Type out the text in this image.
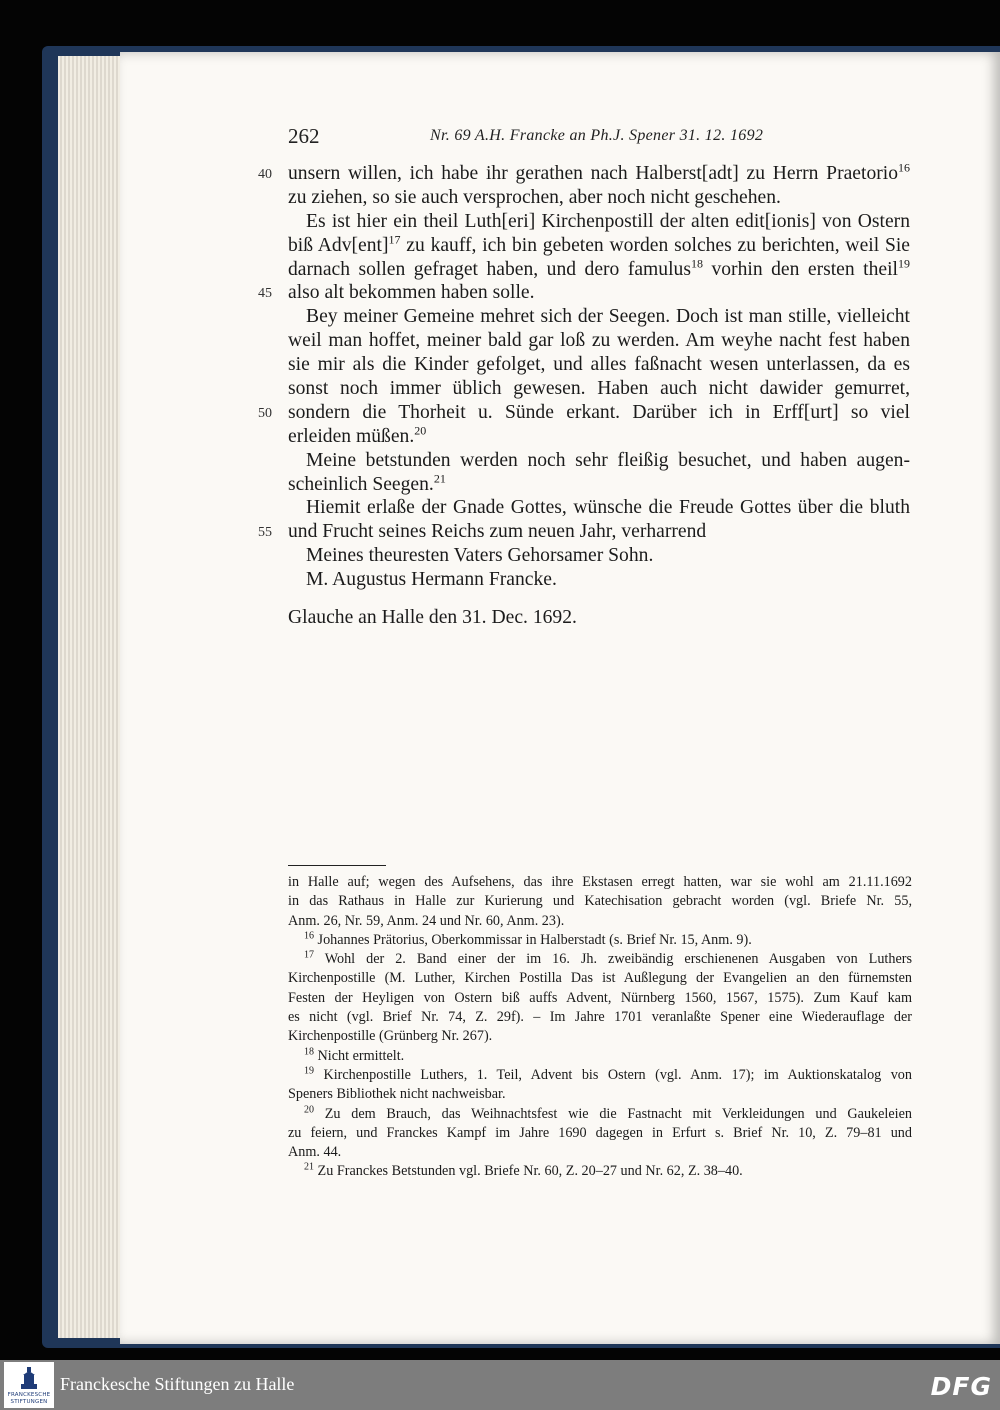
262	Nr. 69 A.H. Francke an Ph.J. Spener 31. 12. 1692
40 unsern willen, ich habe ihr gerathen nach Halberst[adt] zu Herrn Praetorio$^{16}$
zu ziehen, so sie auch versprochen, aber noch nicht geschehen.
Es ist hier ein theil Luth[eri] Kirchenpostill der alten edit[ionis] von Ostern
biß Adv[ent]$^{17}$ zu kauff, ich bin gebeten worden solches zu berichten, weil Sie
darnach sollen gefraget haben, und dero famulus$^{18}$ vorhin den ersten theil$^{19}$
45 also alt bekommen haben solle.
Bey meiner Gemeine mehret sich der Seegen. Doch ist man stille, vielleicht
weil man hoffet, meiner bald gar loß zu werden. Am weyhe nacht fest haben
sie mir als die Kinder gefolget, und alles faßnacht wesen unterlassen, da es
sonst noch immer üblich gewesen. Haben auch nicht dawider gemurret,
50 sondern die Thorheit u. Sünde erkant. Darüber ich in Erff[urt] so viel
erleiden müßen.$^{20}$
Meine betstunden werden noch sehr fleißig besuchet, und haben augen-
scheinlich Seegen.$^{21}$
Hiemit erlaße der Gnade Gottes, wünsche die Freude Gottes über die bluth
55 und Frucht seines Reichs zum neuen Jahr, verharrend
Meines theuresten Vaters Gehorsamer Sohn.
M. Augustus Hermann Francke.
Glauche an Halle den 31. Dec. 1692.
in Halle auf; wegen des Aufsehens, das ihre Ekstasen erregt hatten, war sie wohl am 21.11.1692
in das Rathaus in Halle zur Kurierung und Katechisation gebracht worden (vgl. Briefe Nr. 55,
Anm. 26, Nr. 59, Anm. 24 und Nr. 60, Anm. 23).
$^{16}$ Johannes Prätorius, Oberkommissar in Halberstadt (s. Brief Nr. 15, Anm. 9).
$^{17}$ Wohl der 2. Band einer der im 16. Jh. zweibändig erschienenen Ausgaben von Luthers
Kirchenpostille (M. Luther, Kirchen Postilla Das ist Außlegung der Evangelien an den fürnemsten
Festen der Heyligen von Ostern biß auffs Advent, Nürnberg 1560, 1567, 1575). Zum Kauf kam
es nicht (vgl. Brief Nr. 74, Z. 29f). – Im Jahre 1701 veranlaßte Spener eine Wiederauflage der
Kirchenpostille (Grünberg Nr. 267).
$^{18}$ Nicht ermittelt.
$^{19}$ Kirchenpostille Luthers, 1. Teil, Advent bis Ostern (vgl. Anm. 17); im Auktionskatalog von
Speners Bibliothek nicht nachweisbar.
$^{20}$ Zu dem Brauch, das Weihnachtsfest wie die Fastnacht mit Verkleidungen und Gaukeleien
zu feiern, und Franckes Kampf im Jahre 1690 dagegen in Erfurt s. Brief Nr. 10, Z. 79–81 und
Anm. 44.
$^{21}$ Zu Franckes Betstunden vgl. Briefe Nr. 60, Z. 20–27 und Nr. 62, Z. 38–40.
FRANCKESCHE
STIFTUNGEN
Franckesche Stiftungen zu Halle	DFG
